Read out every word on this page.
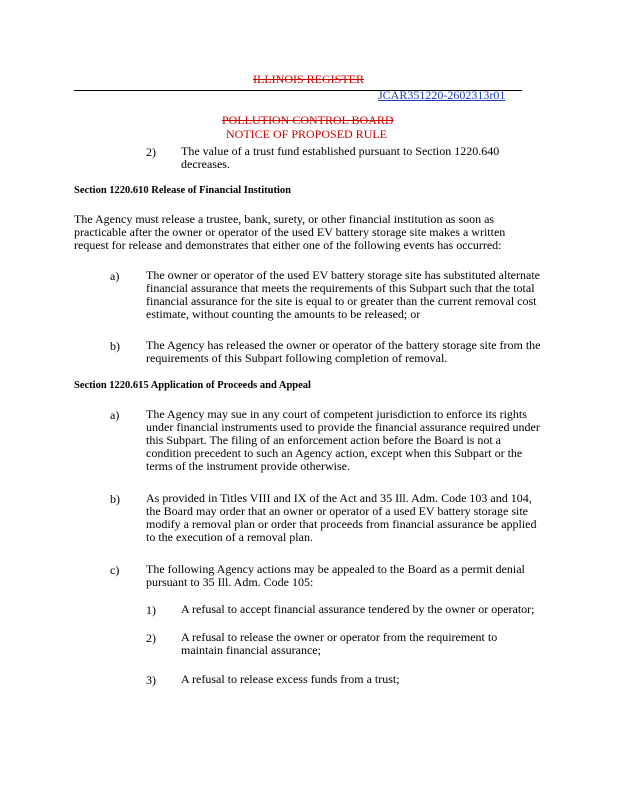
ILLINOIS REGISTER
JCAR351220-2602313r01
POLLUTION CONTROL BOARD
NOTICE OF PROPOSED RULE
2) The value of a trust fund established pursuant to Section 1220.640
decreases.
Section 1220.610 Release of Financial Institution
The Agency must release a trustee, bank, surety, or other financial institution as soon as
practicable after the owner or operator of the used EV battery storage site makes a written
request for release and demonstrates that either one of the following events has occurred:
a) The owner or operator of the used EV battery storage site has substituted alternate
financial assurance that meets the requirements of this Subpart such that the total
financial assurance for the site is equal to or greater than the current removal cost
estimate, without counting the amounts to be released; or
b) The Agency has released the owner or operator of the battery storage site from the
requirements of this Subpart following completion of removal.
Section 1220.615 Application of Proceeds and Appeal
a) The Agency may sue in any court of competent jurisdiction to enforce its rights
under financial instruments used to provide the financial assurance required under
this Subpart. The filing of an enforcement action before the Board is not a
condition precedent to such an Agency action, except when this Subpart or the
terms of the instrument provide otherwise.
b) As provided in Titles VIII and IX of the Act and 35 Ill. Adm. Code 103 and 104,
the Board may order that an owner or operator of a used EV battery storage site
modify a removal plan or order that proceeds from financial assurance be applied
to the execution of a removal plan.
c) The following Agency actions may be appealed to the Board as a permit denial
pursuant to 35 Ill. Adm. Code 105:
1) A refusal to accept financial assurance tendered by the owner or operator;
2) A refusal to release the owner or operator from the requirement to
maintain financial assurance;
3) A refusal to release excess funds from a trust;
